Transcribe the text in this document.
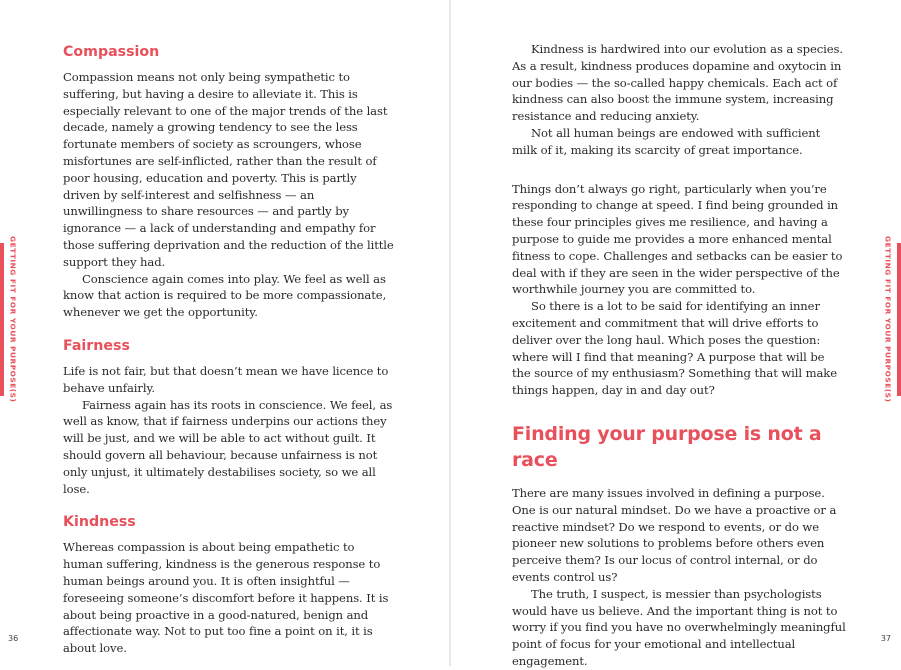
GETTING FIT FOR YOUR PURPOSE(S)
Compassion

Compassion means not only being sympathetic to suffering, but having a desire to alleviate it. This is especially relevant to one of the major trends of the last decade, namely a growing tendency to see the less fortunate members of society as scroungers, whose misfortunes are self-inflicted, rather than the result of poor housing, education and poverty. This is partly driven by self-interest and selfishness — an unwillingness to share resources — and partly by ignorance — a lack of understanding and empathy for those suffering deprivation and the reduction of the little support they had.

Conscience again comes into play. We feel as well as know that action is required to be more compassionate, whenever we get the opportunity.

Fairness

Life is not fair, but that doesn’t mean we have licence to behave unfairly.

Fairness again has its roots in conscience. We feel, as well as know, that if fairness underpins our actions they will be just, and we will be able to act without guilt. It should govern all behaviour, because unfairness is not only unjust, it ultimately destabilises society, so we all lose.

Kindness

Whereas compassion is about being empathetic to human suffering, kindness is the generous response to human beings around you. It is often insightful — foreseeing someone’s discomfort before it happens. It is about being proactive in a good-natured, benign and affectionate way. Not to put too fine a point on it, it is about love.

36
GETTING FIT FOR YOUR PURPOSE(S)

Kindness is hardwired into our evolution as a species. As a result, kindness produces dopamine and oxytocin in our bodies — the so-called happy chemicals. Each act of kindness can also boost the immune system, increasing resistance and reducing anxiety.

Not all human beings are endowed with sufficient milk of it, making its scarcity of great importance.

Things don’t always go right, particularly when you’re responding to change at speed. I find being grounded in these four principles gives me resilience, and having a purpose to guide me provides a more enhanced mental fitness to cope. Challenges and setbacks can be easier to deal with if they are seen in the wider perspective of the worthwhile journey you are committed to.

So there is a lot to be said for identifying an inner excitement and commitment that will drive efforts to deliver over the long haul. Which poses the question: where will I find that meaning? A purpose that will be the source of my enthusiasm? Something that will make things happen, day in and day out?

Finding your purpose is not a race

There are many issues involved in defining a purpose. One is our natural mindset. Do we have a proactive or a reactive mindset? Do we respond to events, or do we pioneer new solutions to problems before others even perceive them? Is our locus of control internal, or do events control us?

The truth, I suspect, is messier than psychologists would have us believe. And the important thing is not to worry if you find you have no overwhelmingly meaningful point of focus for your emotional and intellectual engagement.

37
